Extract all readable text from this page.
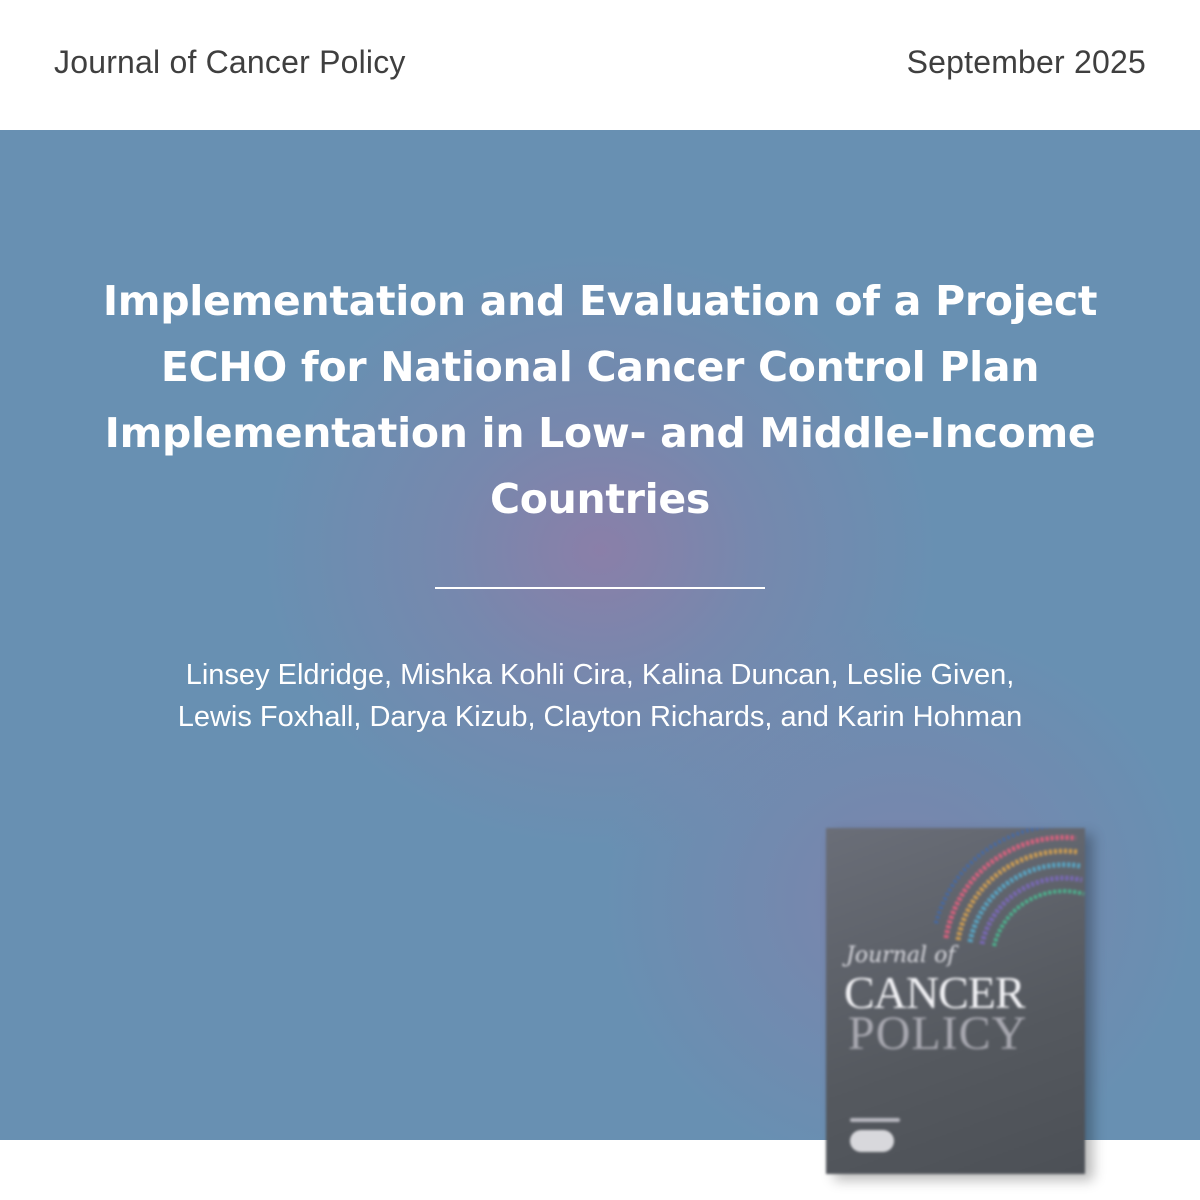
Journal of Cancer Policy	September 2025
Implementation and Evaluation of a Project ECHO for National Cancer Control Plan Implementation in Low- and Middle-Income Countries
Linsey Eldridge, Mishka Kohli Cira, Kalina Duncan, Leslie Given,
Lewis Foxhall, Darya Kizub, Clayton Richards, and Karin Hohman
Journal of
CANCER
POLICY
